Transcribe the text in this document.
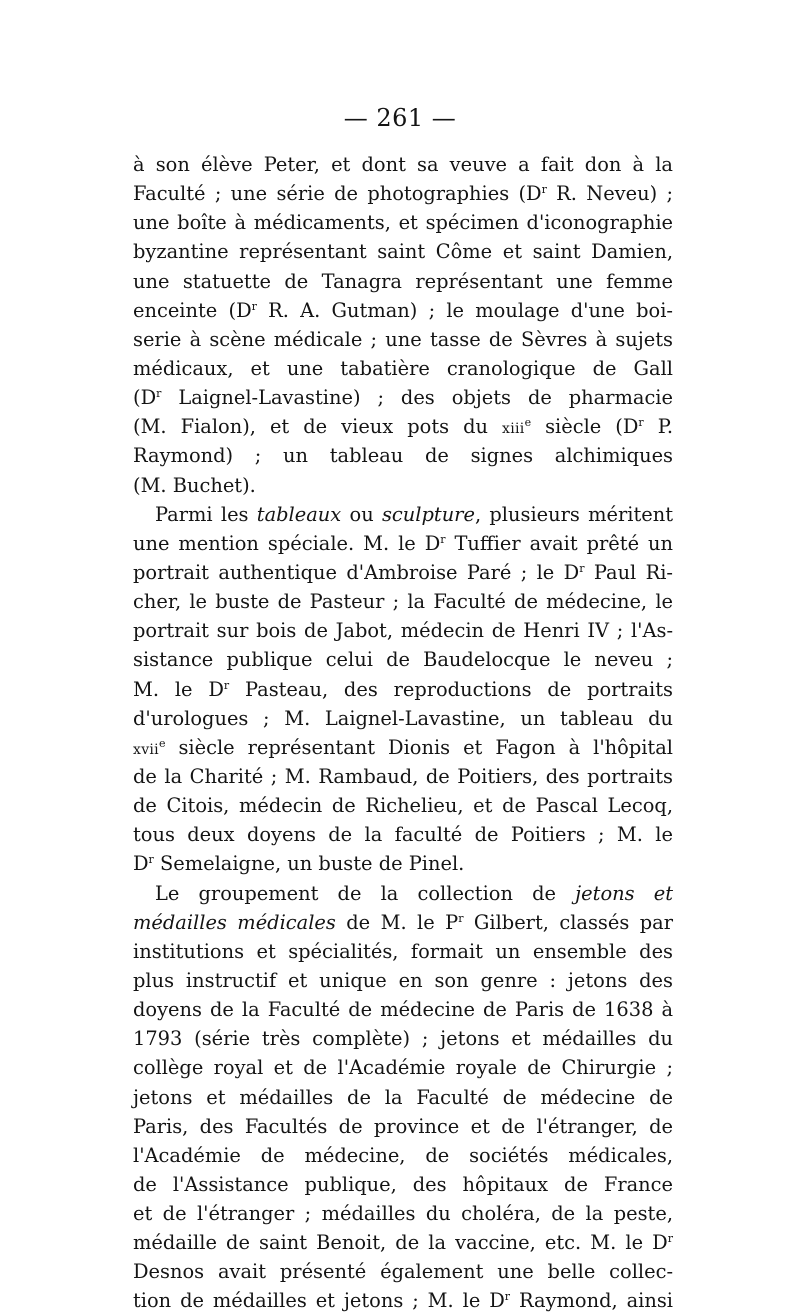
— 261 —
à son élève Peter, et dont sa veuve a fait don à la
Faculté ; une série de photographies ($D^r$ R. Neveu) ;
une boîte à médicaments, et spécimen d'iconographie
byzantine représentant saint Côme et saint Damien,
une statuette de Tanagra représentant une femme
enceinte ($D^r$ R. A. Gutman) ; le moulage d'une boi-
serie à scène médicale ; une tasse de Sèvres à sujets
médicaux, et une tabatière cranologique de Gall
($D^r$ Laignel-Lavastine) ; des objets de pharmacie
(M. Fialon), et de vieux pots du xiii$^e$ siècle ($D^r$ P.
Raymond) ; un tableau de signes alchimiques
(M. Buchet).
Parmi les tableaux ou sculpture, plusieurs méritent
une mention spéciale. M. le $D^r$ Tuffier avait prêté un
portrait authentique d'Ambroise Paré ; le $D^r$ Paul Ri-
cher, le buste de Pasteur ; la Faculté de médecine, le
portrait sur bois de Jabot, médecin de Henri IV ; l'As-
sistance publique celui de Baudelocque le neveu ;
M. le $D^r$ Pasteau, des reproductions de portraits
d'urologues ; M. Laignel-Lavastine, un tableau du
xvii$^e$ siècle représentant Dionis et Fagon à l'hôpital
de la Charité ; M. Rambaud, de Poitiers, des portraits
de Citois, médecin de Richelieu, et de Pascal Lecoq,
tous deux doyens de la faculté de Poitiers ; M. le
$D^r$ Semelaigne, un buste de Pinel.
Le groupement de la collection de jetons et
médailles médicales de M. le $P^r$ Gilbert, classés par
institutions et spécialités, formait un ensemble des
plus instructif et unique en son genre : jetons des
doyens de la Faculté de médecine de Paris de 1638 à
1793 (série très complète) ; jetons et médailles du
collège royal et de l'Académie royale de Chirurgie ;
jetons et médailles de la Faculté de médecine de
Paris, des Facultés de province et de l'étranger, de
l'Académie de médecine, de sociétés médicales,
de l'Assistance publique, des hôpitaux de France
et de l'étranger ; médailles du choléra, de la peste,
médaille de saint Benoit, de la vaccine, etc. M. le $D^r$
Desnos avait présenté également une belle collec-
tion de médailles et jetons ; M. le $D^r$ Raymond, ainsi
